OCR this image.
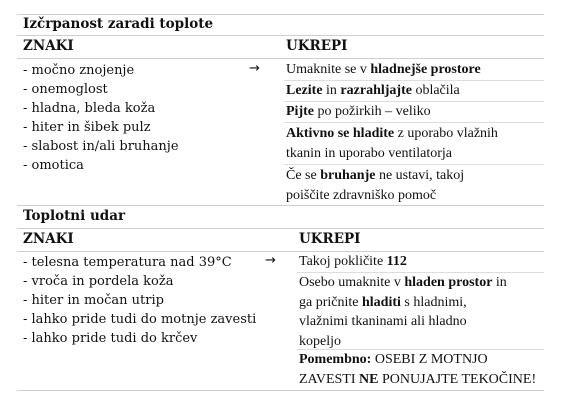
Izčrpanost zaradi toplote
ZNAKI	UKREPI
- močno znojenje
- onemoglost
- hladna, bleda koža
- hiter in šibek pulz
- slabost in/ali bruhanje
- omotica
→ Umaknite se v hladnejše prostore
Lezite in razrahljajte oblačila
Pijte po požirkih – veliko
Aktivno se hladite z uporabo vlažnih
tkanin in uporabo ventilatorja
Če se bruhanje ne ustavi, takoj
poiščite zdravniško pomoč
Toplotni udar
ZNAKI	UKREPI
- telesna temperatura nad 39°C
- vroča in pordela koža
- hiter in močan utrip
- lahko pride tudi do motnje zavesti
- lahko pride tudi do krčev
→ Takoj pokličite 112
Osebo umaknite v hladen prostor in
ga pričnite hladiti s hladnimi,
vlažnimi tkaninami ali hladno
kopeljo
Pomembno: OSEBI Z MOTNJO
ZAVESTI NE PONUJAJTE TEKOČINE!
